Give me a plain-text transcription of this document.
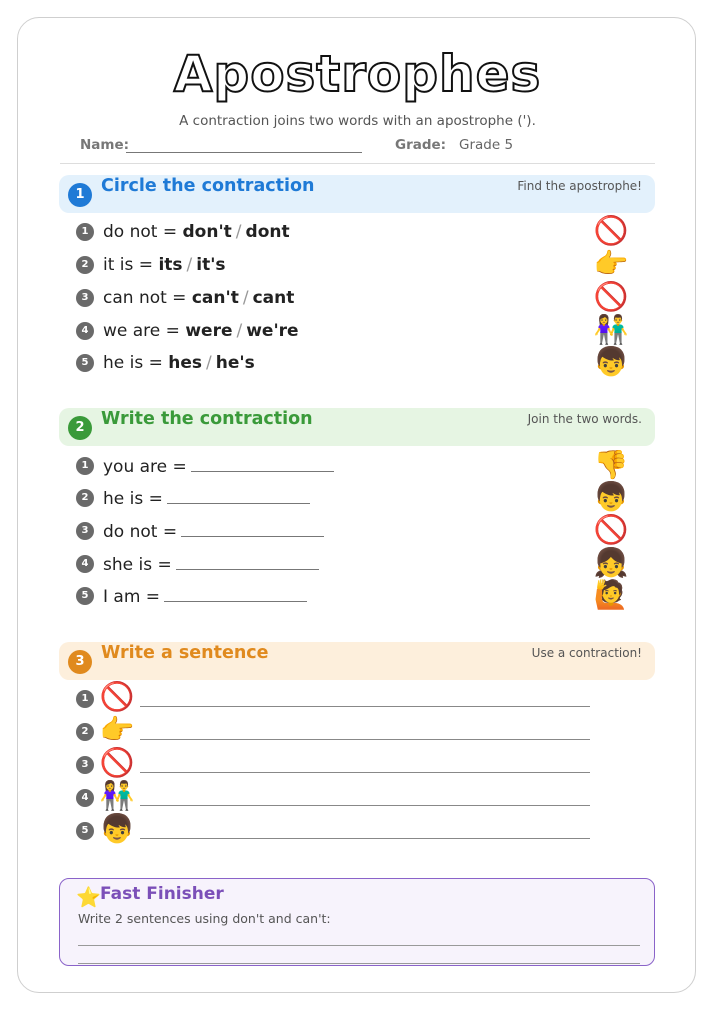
Apostrophes
A contraction joins two words with an apostrophe (').
Name:	Grade: Grade 5
1 Circle the contraction	Find the apostrophe!
1 do not = don't / dont	🚫
2 it is = its / it's	👉
3 can not = can't / cant	🚫
4 we are = were / we're	👫
5 he is = hes / he's	👦
2 Write the contraction	Join the two words.
1 you are =	👎
2 he is =	👦
3 do not =	🚫
4 she is =	👧
5 I am =	🙋
3 Write a sentence	Use a contraction!
1 🚫
2 👉
3 🚫
4 👫
5 👦
⭐ Fast Finisher
Write 2 sentences using don't and can't:
